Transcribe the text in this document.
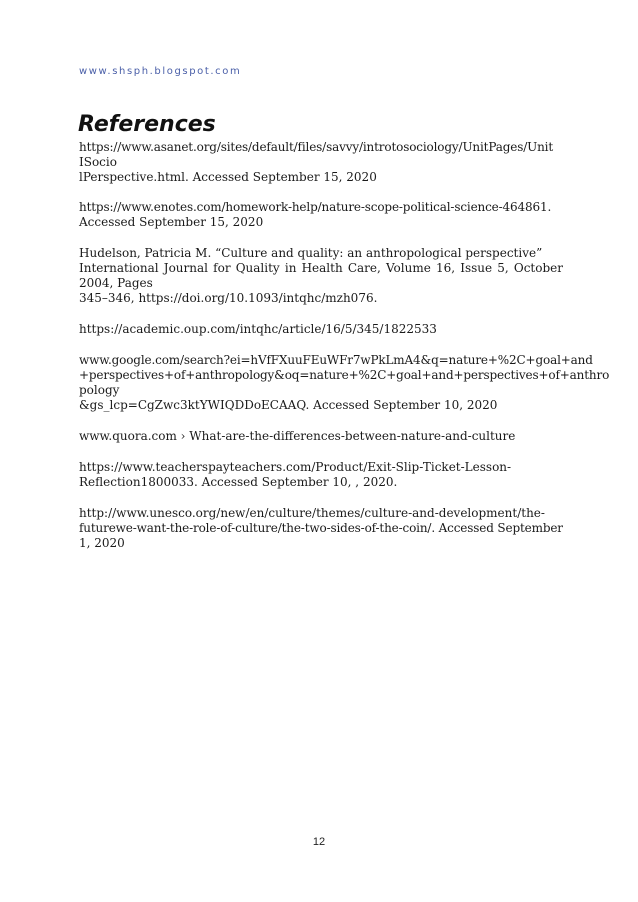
www.shsph.blogspot.com
References

https://www.asanet.org/sites/default/files/savvy/introtosociology/UnitPages/Unit
ISocio
lPerspective.html. Accessed September 15, 2020

https://www.enotes.com/homework-help/nature-scope-political-science-464861.
Accessed September 15, 2020

Hudelson, Patricia M. “Culture and quality: an anthropological perspective”
International Journal for Quality in Health Care, Volume 16, Issue 5, October
2004, Pages
345–346, https://doi.org/10.1093/intqhc/mzh076.

https://academic.oup.com/intqhc/article/16/5/345/1822533

www.google.com/search?ei=hVfFXuuFEuWFr7wPkLmA4&q=nature+%2C+goal+and
+perspectives+of+anthropology&oq=nature+%2C+goal+and+perspectives+of+anthro
pology
&gs_lcp=CgZwc3ktYWIQDDoECAAQ. Accessed September 10, 2020

www.quora.com › What-are-the-differences-between-nature-and-culture

https://www.teacherspayteachers.com/Product/Exit-Slip-Ticket-Lesson-
Reflection1800033. Accessed September 10, , 2020.

http://www.unesco.org/new/en/culture/themes/culture-and-development/the-
futurewe-want-the-role-of-culture/the-two-sides-of-the-coin/. Accessed September
1, 2020

12
